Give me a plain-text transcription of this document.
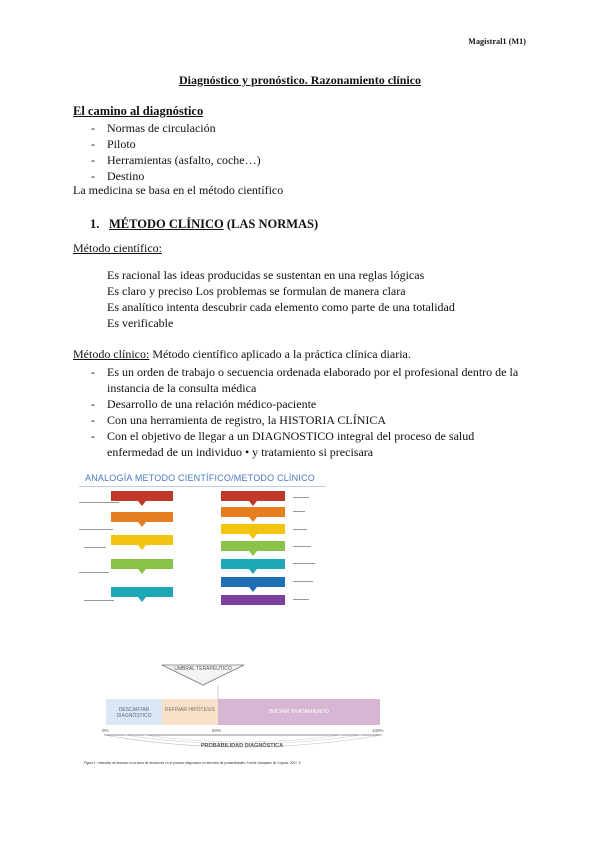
Magistral1 (M1)
Diagnóstico y pronóstico. Razonamiento clínico
El camino al diagnóstico
- Normas de circulación
- Piloto
- Herramientas (asfalto, coche…)
- Destino
La medicina se basa en el método científico
1. MÉTODO CLÍNICO (LAS NORMAS)
Método científico:
Es racional las ideas producidas se sustentan en una reglas lógicas
Es claro y preciso Los problemas se formulan de manera clara
Es analítico intenta descubrir cada elemento como parte de una totalidad
Es verificable
Método clínico: Método científico aplicado a la práctica clínica diaria.
- Es un orden de trabajo o secuencia ordenada elaborado por el profesional dentro de la instancia de la consulta médica
- Desarrollo de una relación médico-paciente
- Con una herramienta de registro, la HISTORIA CLÍNICA
- Con el objetivo de llegar a un DIAGNOSTICO integral del proceso de salud enfermedad de un individuo • y tratamiento si precisara
ANALOGÍA METODO CIENTÍFICO/METODO CLÍNICO
UMBRAL TERAPÉUTICO
DESCARTAR DIAGNÓSTICO
REFINAR HIPÓTESIS	INICIAR TRATAMIENTO
0%	50%	100%
PROBABILIDAD DIAGNÓSTICA
Figura 1. Umbrales de decisión en la toma de decisiones en el proceso diagnóstico en términos de probabilidades. Fuente: Adaptado de Cognos, 2007. 5
